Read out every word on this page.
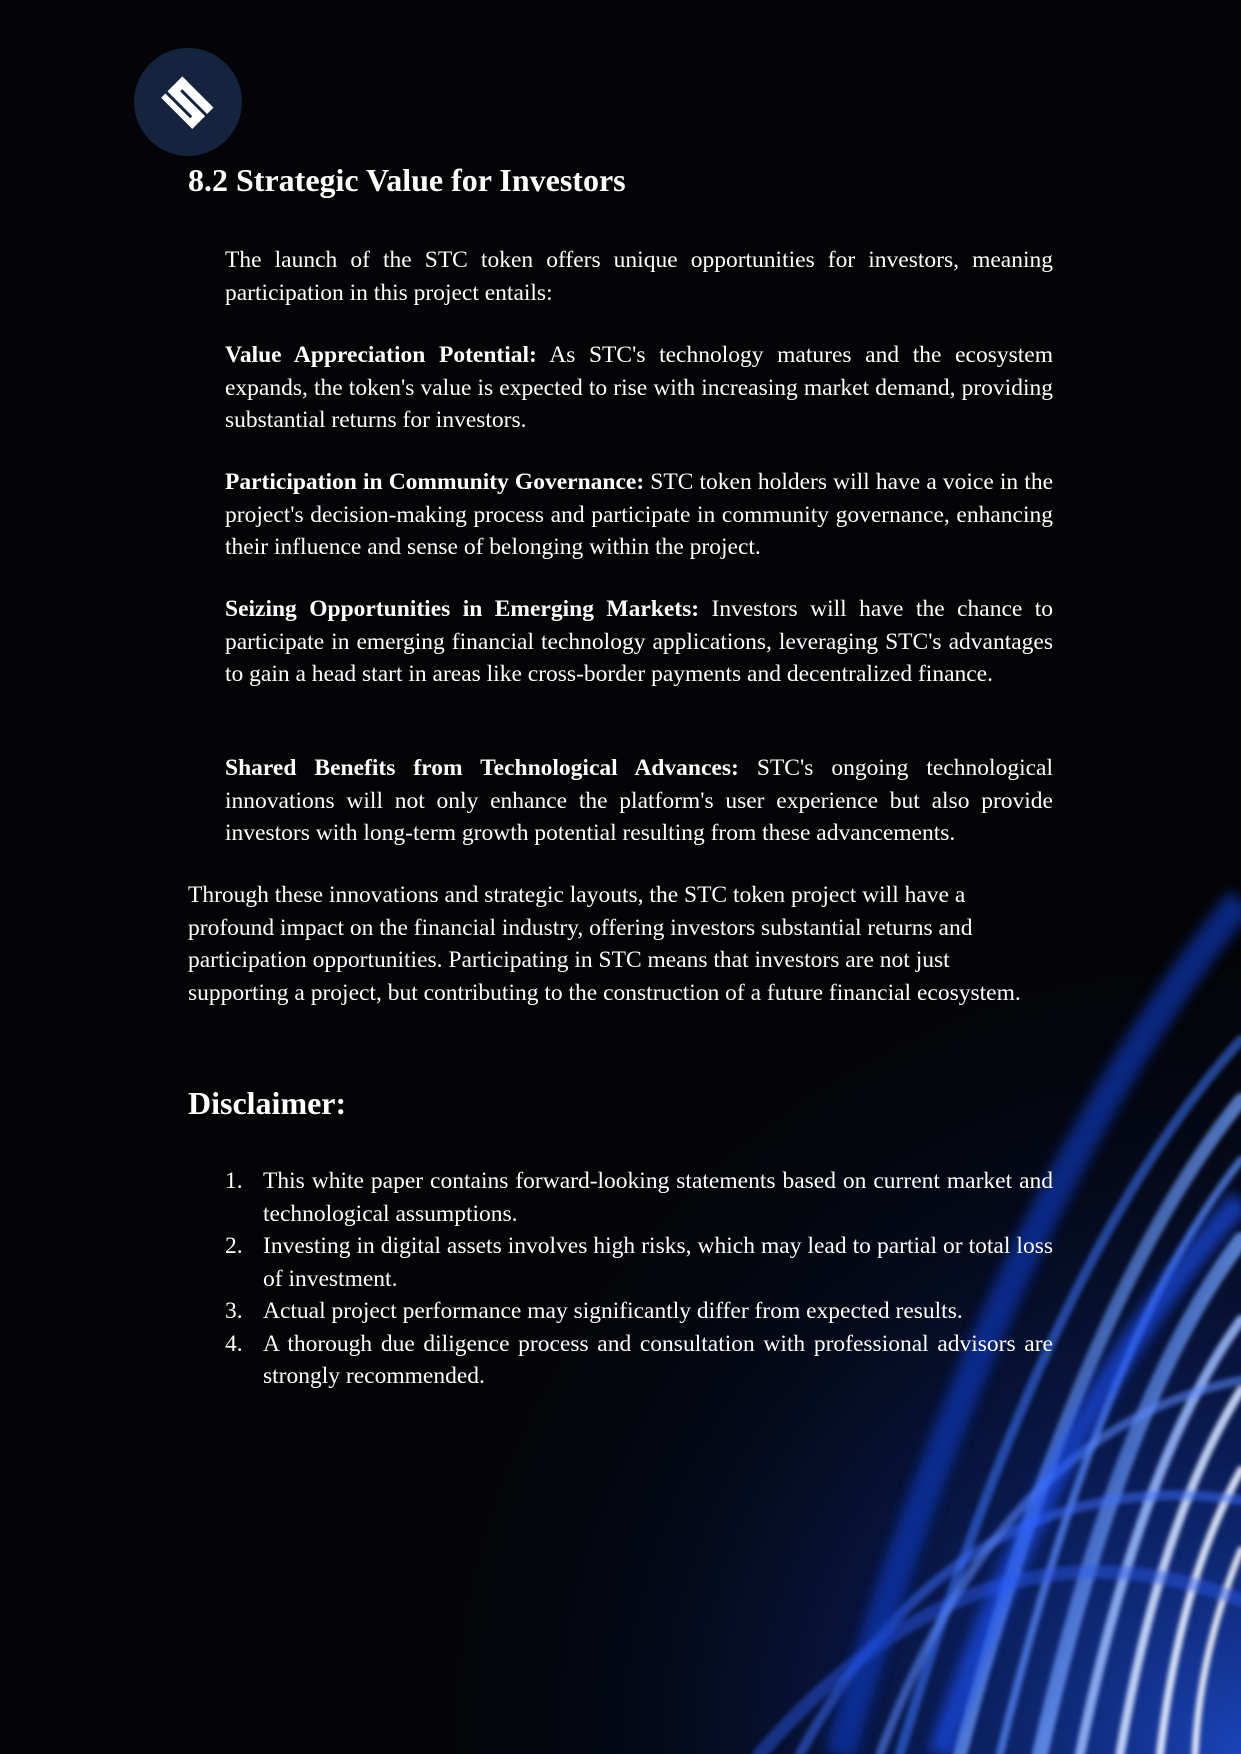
8.2 Strategic Value for Investors

The launch of the STC token offers unique opportunities for investors, meaning participation in this project entails:

Value Appreciation Potential: As STC's technology matures and the ecosystem expands, the token's value is expected to rise with increasing market demand, providing substantial returns for investors.

Participation in Community Governance: STC token holders will have a voice in the project's decision-making process and participate in community governance, enhancing their influence and sense of belonging within the project.

Seizing Opportunities in Emerging Markets: Investors will have the chance to participate in emerging financial technology applications, leveraging STC's advantages to gain a head start in areas like cross-border payments and decentralized finance.

Shared Benefits from Technological Advances: STC's ongoing technological innovations will not only enhance the platform's user experience but also provide investors with long-term growth potential resulting from these advancements.

Through these innovations and strategic layouts, the STC token project will have a profound impact on the financial industry, offering investors substantial returns and participation opportunities. Participating in STC means that investors are not just supporting a project, but contributing to the construction of a future financial ecosystem.

Disclaimer:
1. This white paper contains forward-looking statements based on current market and technological assumptions.
2. Investing in digital assets involves high risks, which may lead to partial or total loss of investment.
3. Actual project performance may significantly differ from expected results.
4. A thorough due diligence process and consultation with professional advisors are strongly recommended.
